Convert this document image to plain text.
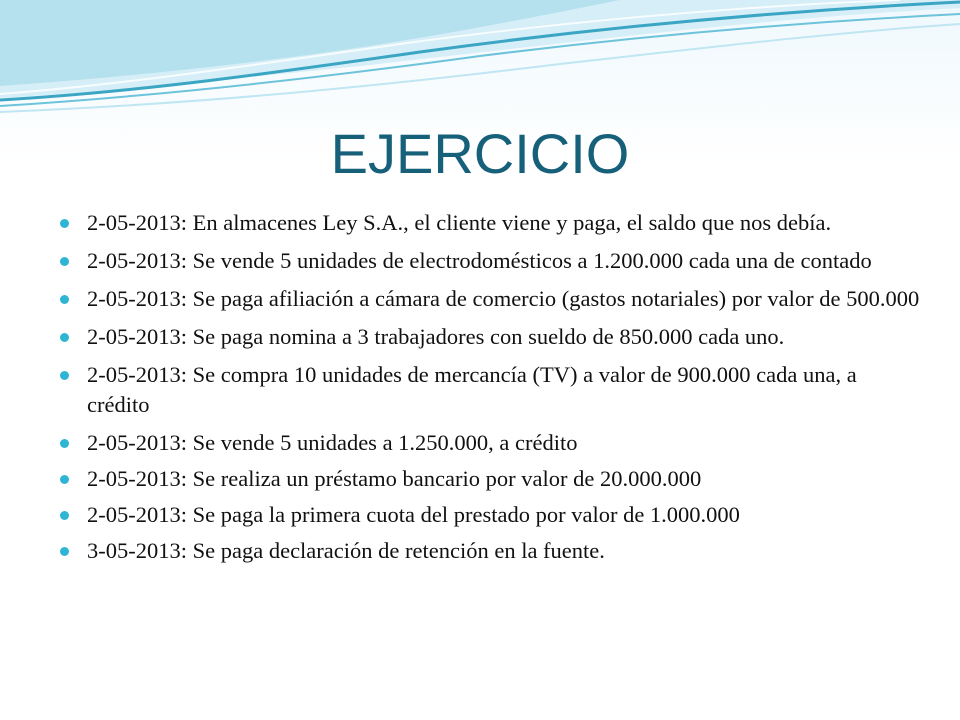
EJERCICIO
2-05-2013: En almacenes Ley S.A., el cliente viene y paga, el saldo que nos debía.
2-05-2013: Se vende 5 unidades de electrodomésticos a 1.200.000 cada una de contado
2-05-2013: Se paga afiliación a cámara de comercio (gastos notariales) por valor de 500.000
2-05-2013: Se paga nomina a 3 trabajadores con sueldo de 850.000 cada uno.
2-05-2013: Se compra 10 unidades de mercancía (TV) a valor de 900.000 cada una, a crédito
2-05-2013: Se vende 5 unidades a 1.250.000, a crédito
2-05-2013: Se realiza un préstamo bancario por valor de 20.000.000
2-05-2013: Se paga la primera cuota del prestado por valor de 1.000.000
3-05-2013: Se paga declaración de retención en la fuente.
